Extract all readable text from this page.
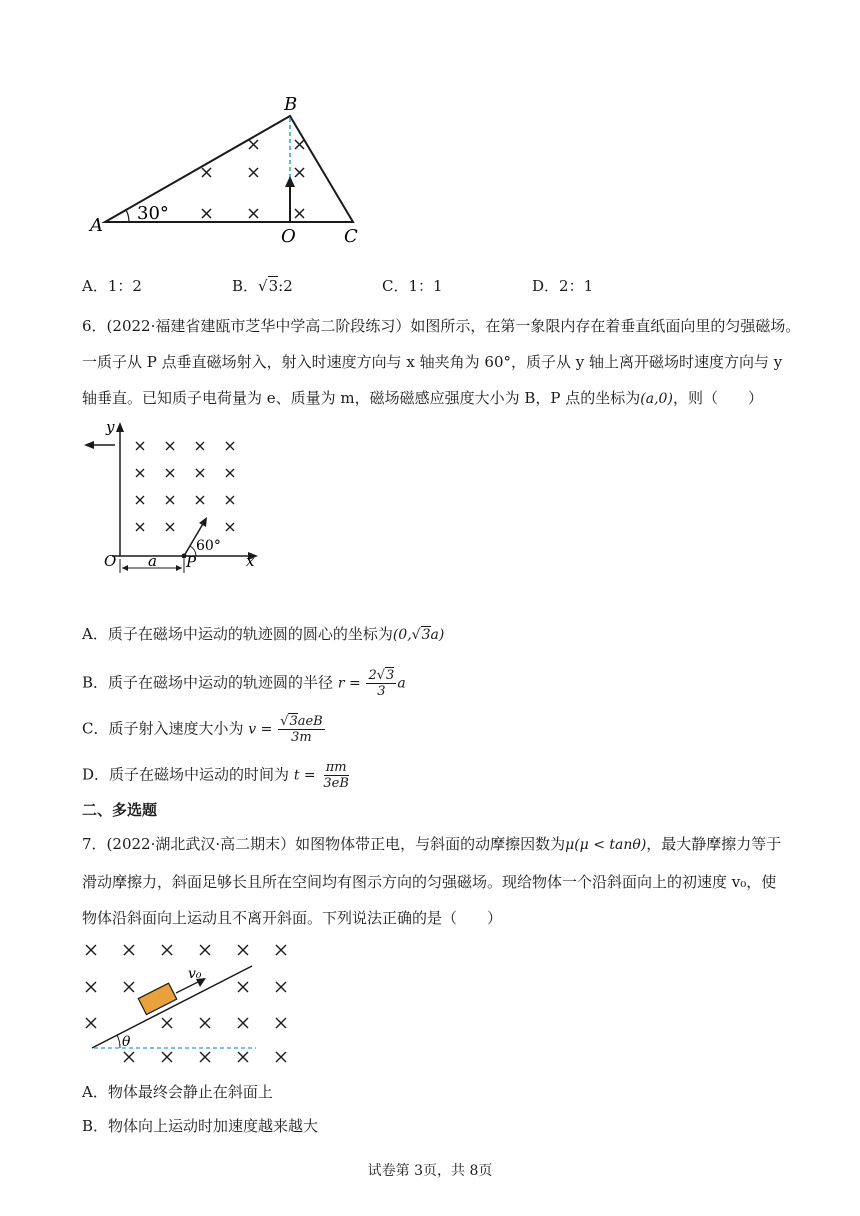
A
B
C
O
30°
A．1：2	B．√3:2	C．1：1	D．2：1
6．(2022·福建省建瓯市芝华中学高二阶段练习）如图所示，在第一象限内存在着垂直纸面向里的匀强磁场。
一质子从 P 点垂直磁场射入，射入时速度方向与 x 轴夹角为 60°，质子从 y 轴上离开磁场时速度方向与 y
轴垂直。已知质子电荷量为 e、质量为 m，磁场磁感应强度大小为 B，P 点的坐标为(a,0)，则（　　）
y
x
O	P
a
60°
A．质子在磁场中运动的轨迹圆的圆心的坐标为(0,√3a)
B．质子在磁场中运动的轨迹圆的半径 $r = \frac{2√3}{3}$ a
C．质子射入速度大小为 $v = \frac{\text{√3aeB}}{3m}$
D．质子在磁场中运动的时间为 $t = \frac{\pi m}{3eB}$
二、多选题
7．(2022·湖北武汉·高二期末）如图物体带正电，与斜面的动摩擦因数为μ(μ < tanθ)，最大静摩擦力等于
滑动摩擦力，斜面足够长且所在空间均有图示方向的匀强磁场。现给物体一个沿斜面向上的初速度 v₀，使
物体沿斜面向上运动且不离开斜面。下列说法正确的是（　　）
v₀
θ
A．物体最终会静止在斜面上
B．物体向上运动时加速度越来越大
试卷第 3页，共 8页
